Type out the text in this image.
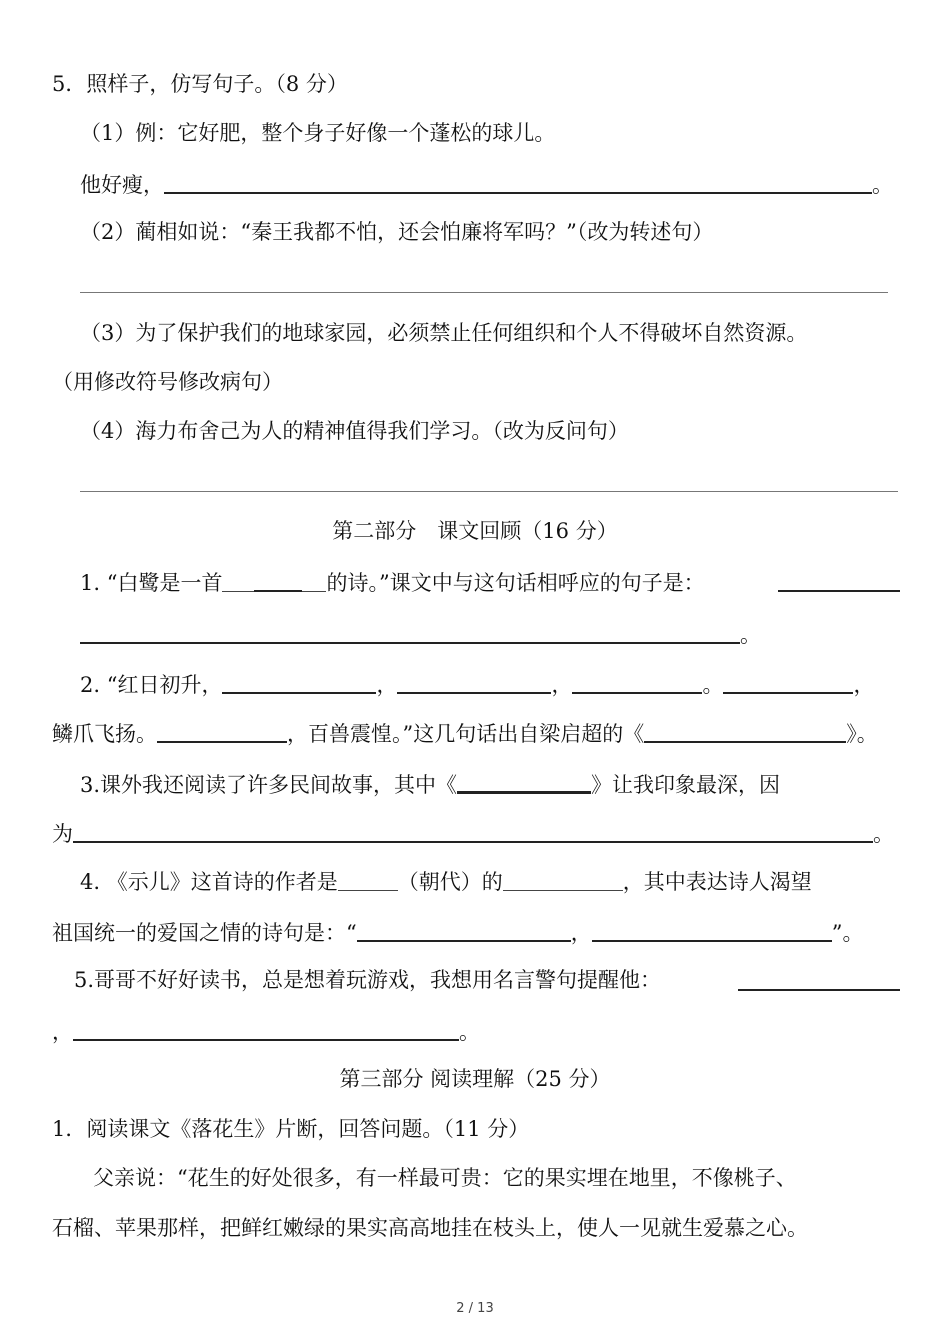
5．照样子，仿写句子。（8 分）
（1）例：它好肥，整个身子好像一个蓬松的球儿。
他好瘦，	。
（2）蔺相如说：“秦王我都不怕，还会怕廉将军吗？”（改为转述句）
（3）为了保护我们的地球家园，必须禁止任何组织和个人不得破坏自然资源。
（用修改符号修改病句）
（4）海力布舍己为人的精神值得我们学习。（改为反问句）
第二部分　课文回顾（16 分）
1. “白鹭是一首	的诗。”课文中与这句话相呼应的句子是：
。
2. “红日初升，	，	，	。	，
鳞爪飞扬。	，百兽震惶。”这几句话出自梁启超的《	》。
3.课外我还阅读了许多民间故事，其中《	》让我印象最深，因
为	。
4. 《示儿》这首诗的作者是	（朝代）的	，其中表达诗人渴望
祖国统一的爱国之情的诗句是：“	，	”。
5.哥哥不好好读书，总是想着玩游戏，我想用名言警句提醒他：
，	。
第三部分 阅读理解（25 分）
1．阅读课文《落花生》片断，回答问题。（11 分）
父亲说：“花生的好处很多，有一样最可贵：它的果实埋在地里，不像桃子、
石榴、苹果那样，把鲜红嫩绿的果实高高地挂在枝头上，使人一见就生爱慕之心。
2 / 13
